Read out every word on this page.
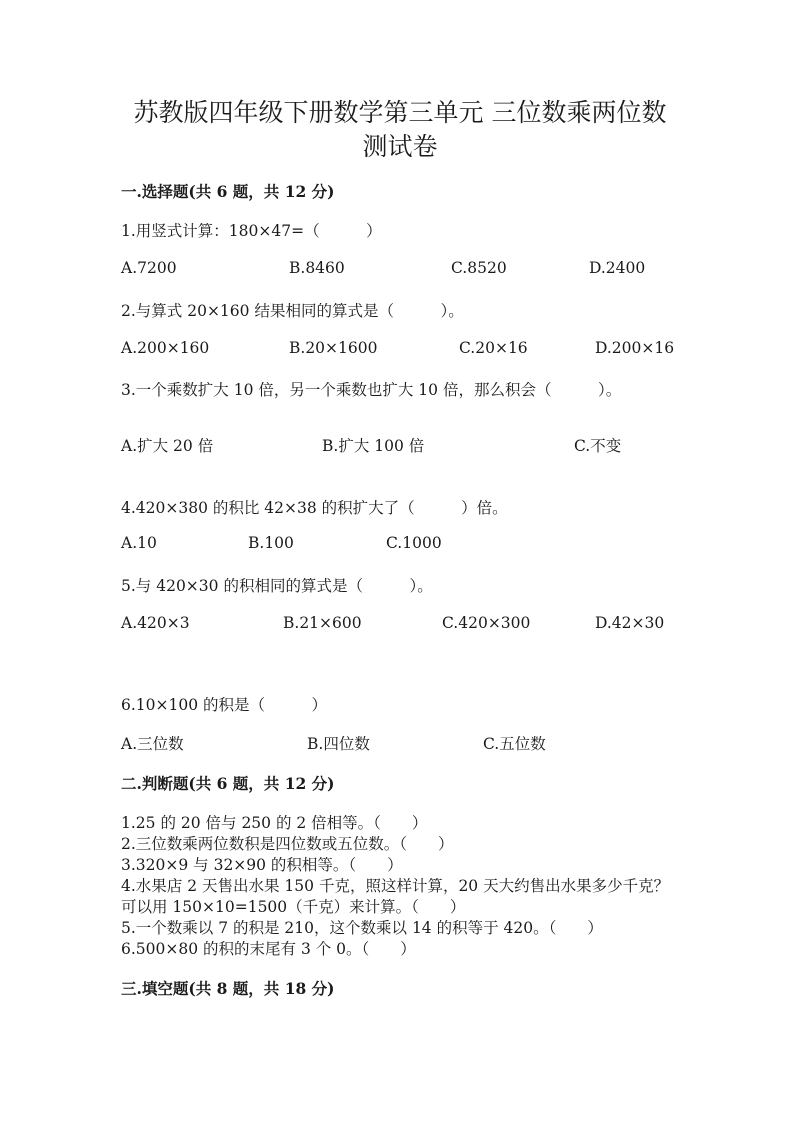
苏教版四年级下册数学第三单元 三位数乘两位数
测试卷
一.选择题(共 6 题，共 12 分)
1.用竖式计算：180×47=（　　　）
A.7200	B.8460	C.8520	D.2400
2.与算式 20×160 结果相同的算式是（　　　）。
A.200×160	B.20×1600	C.20×16	D.200×16
3.一个乘数扩大 10 倍，另一个乘数也扩大 10 倍，那么积会（　　　）。
A.扩大 20 倍	B.扩大 100 倍	C.不变
4.420×380 的积比 42×38 的积扩大了（　　　）倍。
A.10	B.100	C.1000
5.与 420×30 的积相同的算式是（　　　）。
A.420×3	B.21×600	C.420×300	D.42×30
6.10×100 的积是（　　　）
A.三位数	B.四位数	C.五位数
二.判断题(共 6 题，共 12 分)
1.25 的 20 倍与 250 的 2 倍相等。（　　）
2.三位数乘两位数积是四位数或五位数。（　　）
3.320×9 与 32×90 的积相等。（　　）
4.水果店 2 天售出水果 150 千克，照这样计算，20 天大约售出水果多少千克？
可以用 150×10=1500（千克）来计算。（　　）
5.一个数乘以 7 的积是 210，这个数乘以 14 的积等于 420。（　　）
6.500×80 的积的末尾有 3 个 0。（　　）
三.填空题(共 8 题，共 18 分)
